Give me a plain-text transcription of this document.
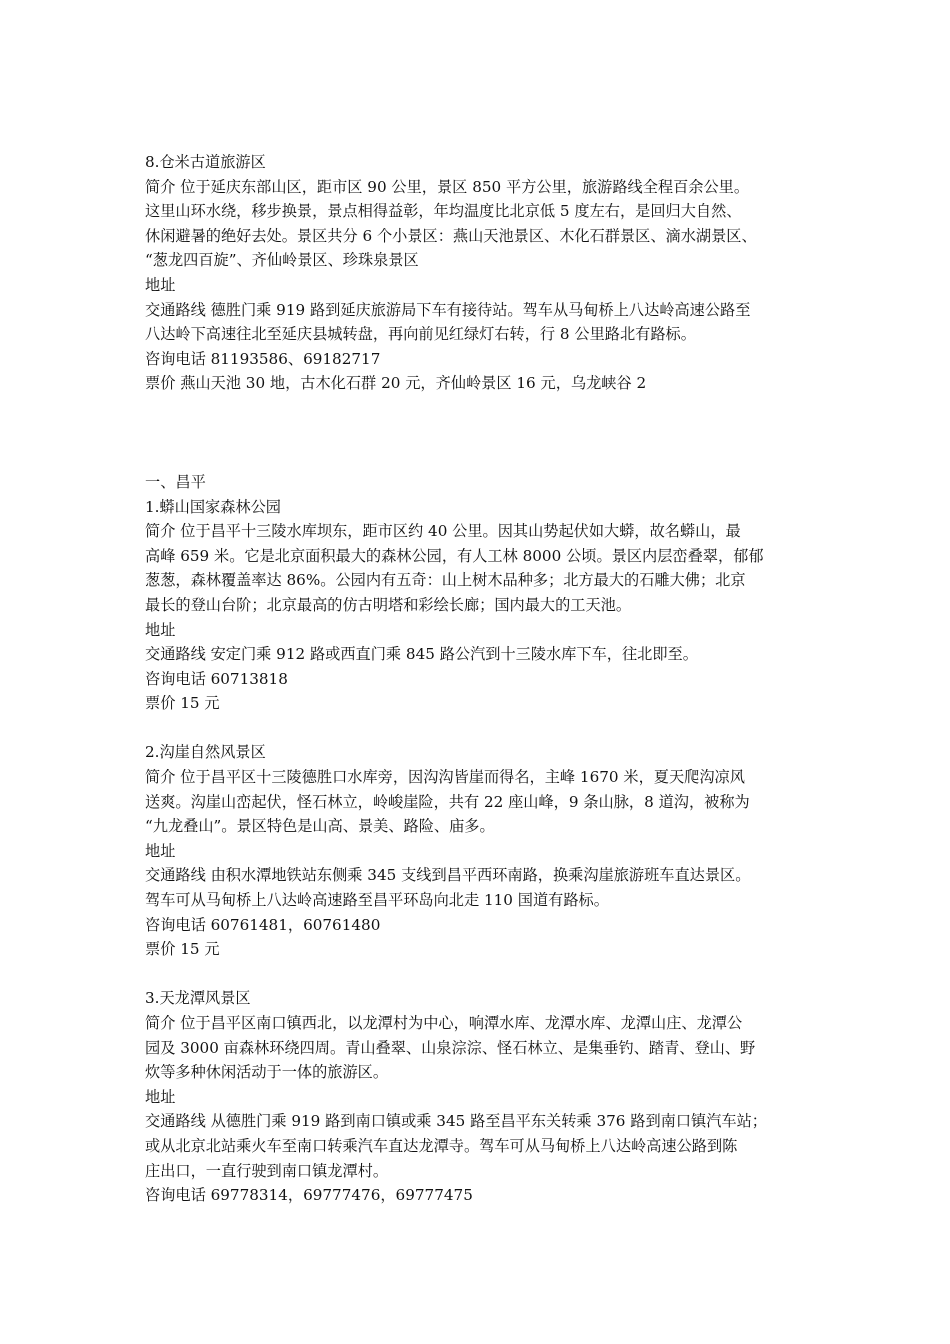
8.仓米古道旅游区

简介 位于延庆东部山区，距市区 90 公里，景区 850 平方公里，旅游路线全程百余公里。

这里山环水绕，移步换景，景点相得益彰，年均温度比北京低 5 度左右，是回归大自然、

休闲避暑的绝好去处。景区共分 6 个小景区：燕山天池景区、木化石群景区、滴水湖景区、

“葱龙四百旋”、齐仙岭景区、珍珠泉景区

地址

交通路线 德胜门乘 919 路到延庆旅游局下车有接待站。驾车从马甸桥上八达岭高速公路至

八达岭下高速往北至延庆县城转盘，再向前见红绿灯右转，行 8 公里路北有路标。

咨询电话 81193586、69182717

票价 燕山天池 30 地，古木化石群 20 元，齐仙岭景区 16 元，乌龙峡谷 2

一、昌平

1.蟒山国家森林公园

简介 位于昌平十三陵水库坝东，距市区约 40 公里。因其山势起伏如大蟒，故名蟒山，最

高峰 659 米。它是北京面积最大的森林公园，有人工林 8000 公顷。景区内层峦叠翠，郁郁

葱葱，森林覆盖率达 86%。公园内有五奇：山上树木品种多；北方最大的石雕大佛；北京

最长的登山台阶；北京最高的仿古明塔和彩绘长廊；国内最大的工天池。

地址

交通路线 安定门乘 912 路或西直门乘 845 路公汽到十三陵水库下车，往北即至。

咨询电话 60713818

票价 15 元

2.沟崖自然风景区

简介 位于昌平区十三陵德胜口水库旁，因沟沟皆崖而得名，主峰 1670 米，夏天爬沟凉风

送爽。沟崖山峦起伏，怪石林立，岭峻崖险，共有 22 座山峰，9 条山脉，8 道沟，被称为

“九龙叠山”。景区特色是山高、景美、路险、庙多。

地址

交通路线 由积水潭地铁站东侧乘 345 支线到昌平西环南路，换乘沟崖旅游班车直达景区。

驾车可从马甸桥上八达岭高速路至昌平环岛向北走 110 国道有路标。

咨询电话 60761481，60761480

票价 15 元

3.天龙潭风景区

简介 位于昌平区南口镇西北，以龙潭村为中心，响潭水库、龙潭水库、龙潭山庄、龙潭公

园及 3000 亩森林环绕四周。青山叠翠、山泉淙淙、怪石林立、是集垂钓、踏青、登山、野

炊等多种休闲活动于一体的旅游区。

地址

交通路线 从德胜门乘 919 路到南口镇或乘 345 路至昌平东关转乘 376 路到南口镇汽车站；

或从北京北站乘火车至南口转乘汽车直达龙潭寺。驾车可从马甸桥上八达岭高速公路到陈

庄出口，一直行驶到南口镇龙潭村。

咨询电话 69778314，69777476，69777475
